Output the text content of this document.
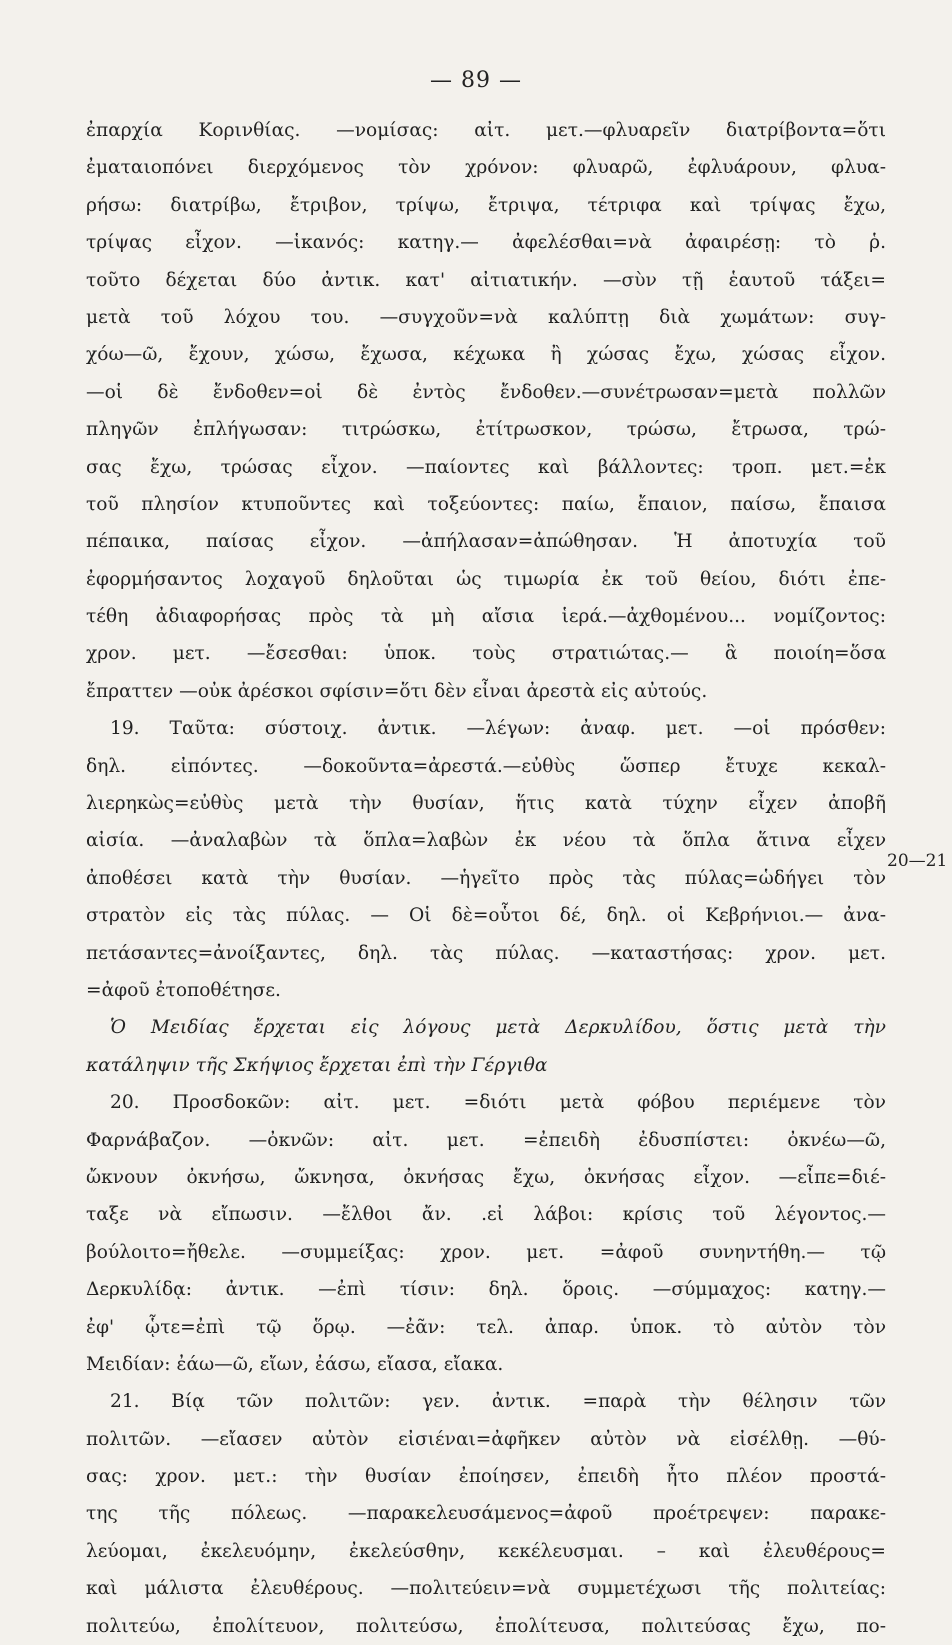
— 89 —
ἐπαρχία Κορινθίας. —νομίσας: αἰτ. μετ.—φλυαρεῖν διατρίβοντα=ὅτι
ἐματαιοπόνει διερχόμενος τὸν χρόνον: φλυαρῶ, ἐφλυάρουν, φλυα-
ρήσω: διατρίβω, ἔτριβον, τρίψω, ἔτριψα, τέτριφα καὶ τρίψας ἔχω,
τρίψας εἶχον. —ἱκανός: κατηγ.— ἀφελέσθαι=νὰ ἀφαιρέσῃ: τὸ ῥ.
τοῦτο δέχεται δύο ἀντικ. κατ' αἰτιατικήν. —σὺν τῇ ἑαυτοῦ τάξει=
μετὰ τοῦ λόχου του. —συγχοῦν=νὰ καλύπτῃ διὰ χωμάτων: συγ-
χόω—ῶ, ἔχουν, χώσω, ἔχωσα, κέχωκα ἢ χώσας ἔχω, χώσας εἶχον.
—οἱ δὲ ἔνδοθεν=οἱ δὲ ἐντὸς ἔνδοθεν.—συνέτρωσαν=μετὰ πολλῶν
πληγῶν ἐπλήγωσαν: τιτρώσκω, ἐτίτρωσκον, τρώσω, ἔτρωσα, τρώ-
σας ἔχω, τρώσας εἶχον. —παίοντες καὶ βάλλοντες: τροπ. μετ.=ἐκ
τοῦ πλησίον κτυποῦντες καὶ τοξεύοντες: παίω, ἔπαιον, παίσω, ἔπαισα
πέπαικα, παίσας εἶχον. —ἀπήλασαν=ἀπώθησαν. Ἡ ἀποτυχία τοῦ
ἐφορμήσαντος λοχαγοῦ δηλοῦται ὡς τιμωρία ἐκ τοῦ θείου, διότι ἐπε-
τέθη ἀδιαφορήσας πρὸς τὰ μὴ αἴσια ἱερά.—ἀχθομένου... νομίζοντος:
χρον. μετ. —ἔσεσθαι: ὑποκ. τοὺς στρατιώτας.— ἃ ποιοίη=ὅσα
ἔπραττεν —οὐκ ἀρέσκοι σφίσιν=ὅτι δὲν εἶναι ἀρεστὰ εἰς αὐτούς.
19. Ταῦτα: σύστοιχ. ἀντικ. —λέγων: ἀναφ. μετ. —οἱ πρόσθεν:
δηλ. εἰπόντες. —δοκοῦντα=ἀρεστά.—εὐθὺς ὥσπερ ἔτυχε κεκαλ-
λιερηκὼς=εὐθὺς μετὰ τὴν θυσίαν, ἥτις κατὰ τύχην εἶχεν ἀποβῆ
αἰσία. —ἀναλαβὼν τὰ ὅπλα=λαβὼν ἐκ νέου τὰ ὅπλα ἅτινα εἶχεν
ἀποθέσει κατὰ τὴν θυσίαν. —ἡγεῖτο πρὸς τὰς πύλας=ὡδήγει τὸν
στρατὸν εἰς τὰς πύλας. — Οἱ δὲ=οὗτοι δέ, δηλ. οἱ Κεβρήνιοι.— ἀνα-
πετάσαντες=ἀνοίξαντες, δηλ. τὰς πύλας. —καταστήσας: χρον. μετ.
=ἀφοῦ ἐτοποθέτησε.
Ὁ Μειδίας ἔρχεται εἰς λόγους μετὰ Δερκυλίδου, ὅστις μετὰ τὴν
κατάληψιν τῆς Σκήψιος ἔρχεται ἐπὶ τὴν Γέργιθα
20. Προσδοκῶν: αἰτ. μετ. =διότι μετὰ φόβου περιέμενε τὸν
Φαρνάβαζον. —ὀκνῶν: αἰτ. μετ. =ἐπειδὴ ἐδυσπίστει: ὀκνέω—ῶ,
ὤκνουν ὀκνήσω, ὤκνησα, ὀκνήσας ἔχω, ὀκνήσας εἶχον. —εἶπε=διέ-
ταξε νὰ εἴπωσιν. —ἔλθοι ἄν. .εἰ λάβοι: κρίσις τοῦ λέγοντος.—
βούλοιτο=ἤθελε. —συμμείξας: χρον. μετ. =ἀφοῦ συνηντήθη.— τῷ
Δερκυλίδᾳ: ἀντικ. —ἐπὶ τίσιν: δηλ. ὅροις. —σύμμαχος: κατηγ.—
ἐφ' ᾧτε=ἐπὶ τῷ ὅρῳ. —ἐᾶν: τελ. ἀπαρ. ὑποκ. τὸ αὐτὸν τὸν
Μειδίαν: ἐάω—ῶ, εἴων, ἐάσω, εἴασα, εἴακα.
21. Βίᾳ τῶν πολιτῶν: γεν. ἀντικ. =παρὰ τὴν θέλησιν τῶν
πολιτῶν. —εἴασεν αὐτὸν εἰσιέναι=ἀφῆκεν αὐτὸν νὰ εἰσέλθῃ. —θύ-
σας: χρον. μετ.: τὴν θυσίαν ἐποίησεν, ἐπειδὴ ἦτο πλέον προστά-
της τῆς πόλεως. —παρακελευσάμενος=ἀφοῦ προέτρεψεν: παρακε-
λεύομαι, ἐκελευόμην, ἐκελεύσθην, κεκέλευσμαι. – καὶ ἐλευθέρους=
καὶ μάλιστα ἐλευθέρους. —πολιτεύειν=νὰ συμμετέχωσι τῆς πολιτείας:
πολιτεύω, ἐπολίτευον, πολιτεύσω, ἐπολίτευσα, πολιτεύσας ἔχω, πο-
20—21
